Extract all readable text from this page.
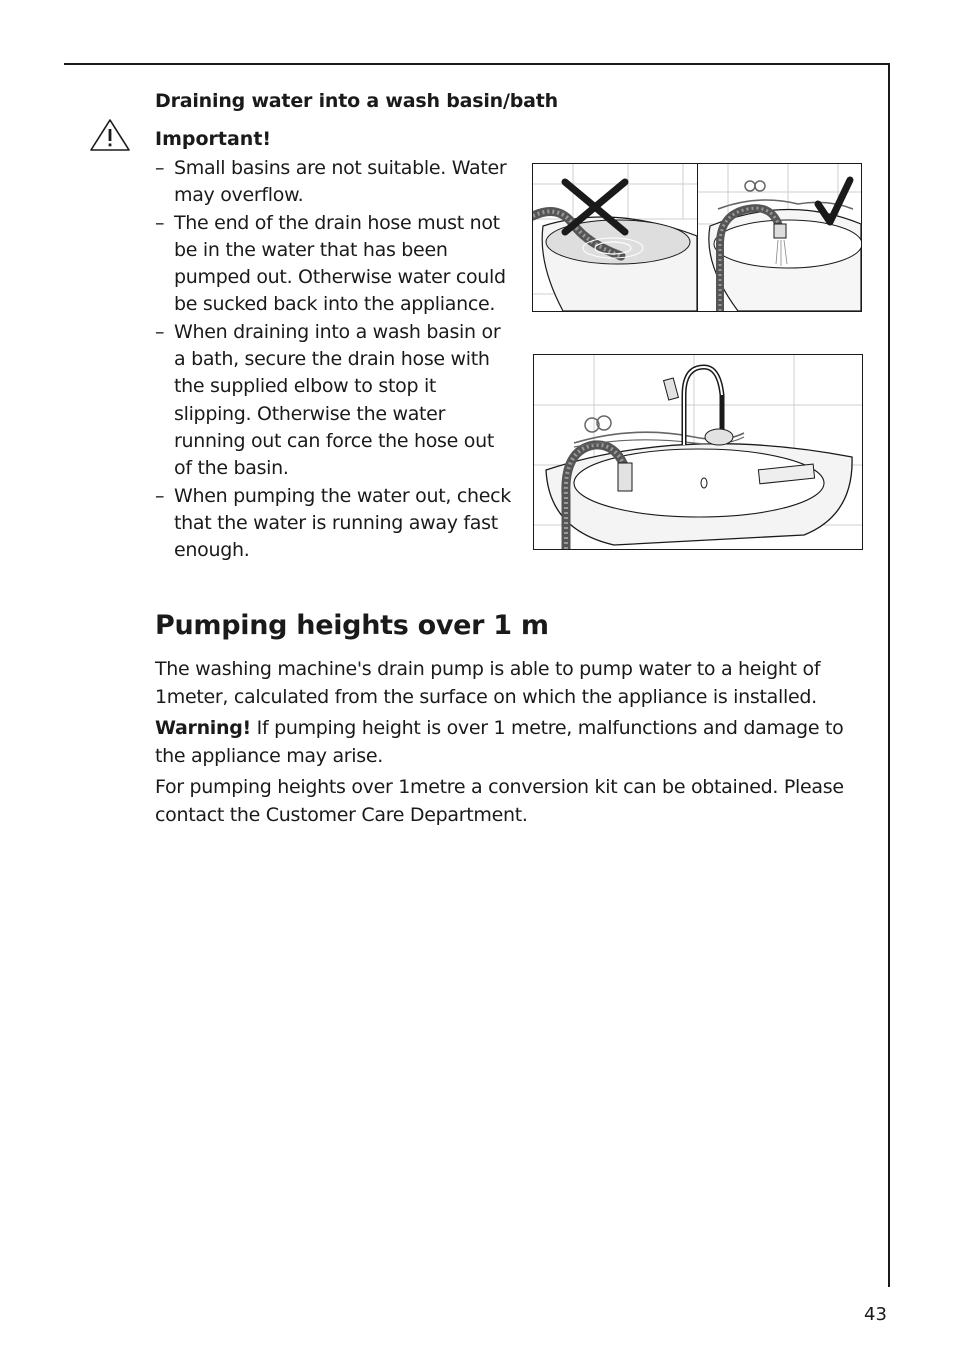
Draining water into a wash basin/bath
Important!
– Small basins are not suitable. Water may overflow.
– The end of the drain hose must not be in the water that has been pumped out. Otherwise water could be sucked back into the appliance.
– When draining into a wash basin or a bath, secure the drain hose with the supplied elbow to stop it slipping. Otherwise the water running out can force the hose out of the basin.
– When pumping the water out, check that the water is running away fast enough.
Pumping heights over 1 m

The washing machine's drain pump is able to pump water to a height of 1meter, calculated from the surface on which the appliance is installed.

Warning! If pumping height is over 1 metre, malfunctions and damage to the appliance may arise.

For pumping heights over 1metre a conversion kit can be obtained. Please contact the Customer Care Department.

43
